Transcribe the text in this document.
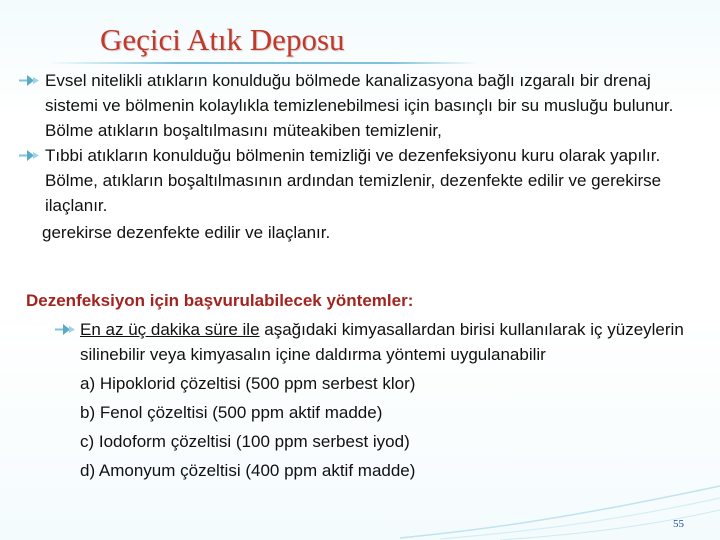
Geçici Atık Deposu
Evsel nitelikli atıkların konulduğu bölmede kanalizasyona bağlı ızgaralı bir drenaj sistemi ve bölmenin kolaylıkla temizlenebilmesi için basınçlı bir su musluğu bulunur. Bölme atıkların boşaltılmasını müteakiben temizlenir,
Tıbbi atıkların konulduğu bölmenin temizliği ve dezenfeksiyonu kuru olarak yapılır. Bölme, atıkların boşaltılmasının ardından temizlenir, dezenfekte edilir ve gerekirse ilaçlanır.
gerekirse dezenfekte edilir ve ilaçlanır.
Dezenfeksiyon için başvurulabilecek yöntemler:
En az üç dakika süre ile aşağıdaki kimyasallardan birisi kullanılarak iç yüzeylerin silinebilir veya kimyasalın içine daldırma yöntemi uygulanabilir
a) Hipoklorid çözeltisi (500 ppm serbest klor)
b) Fenol çözeltisi (500 ppm aktif madde)
c) Iodoform çözeltisi (100 ppm serbest iyod)
d) Amonyum çözeltisi (400 ppm aktif madde)
55
